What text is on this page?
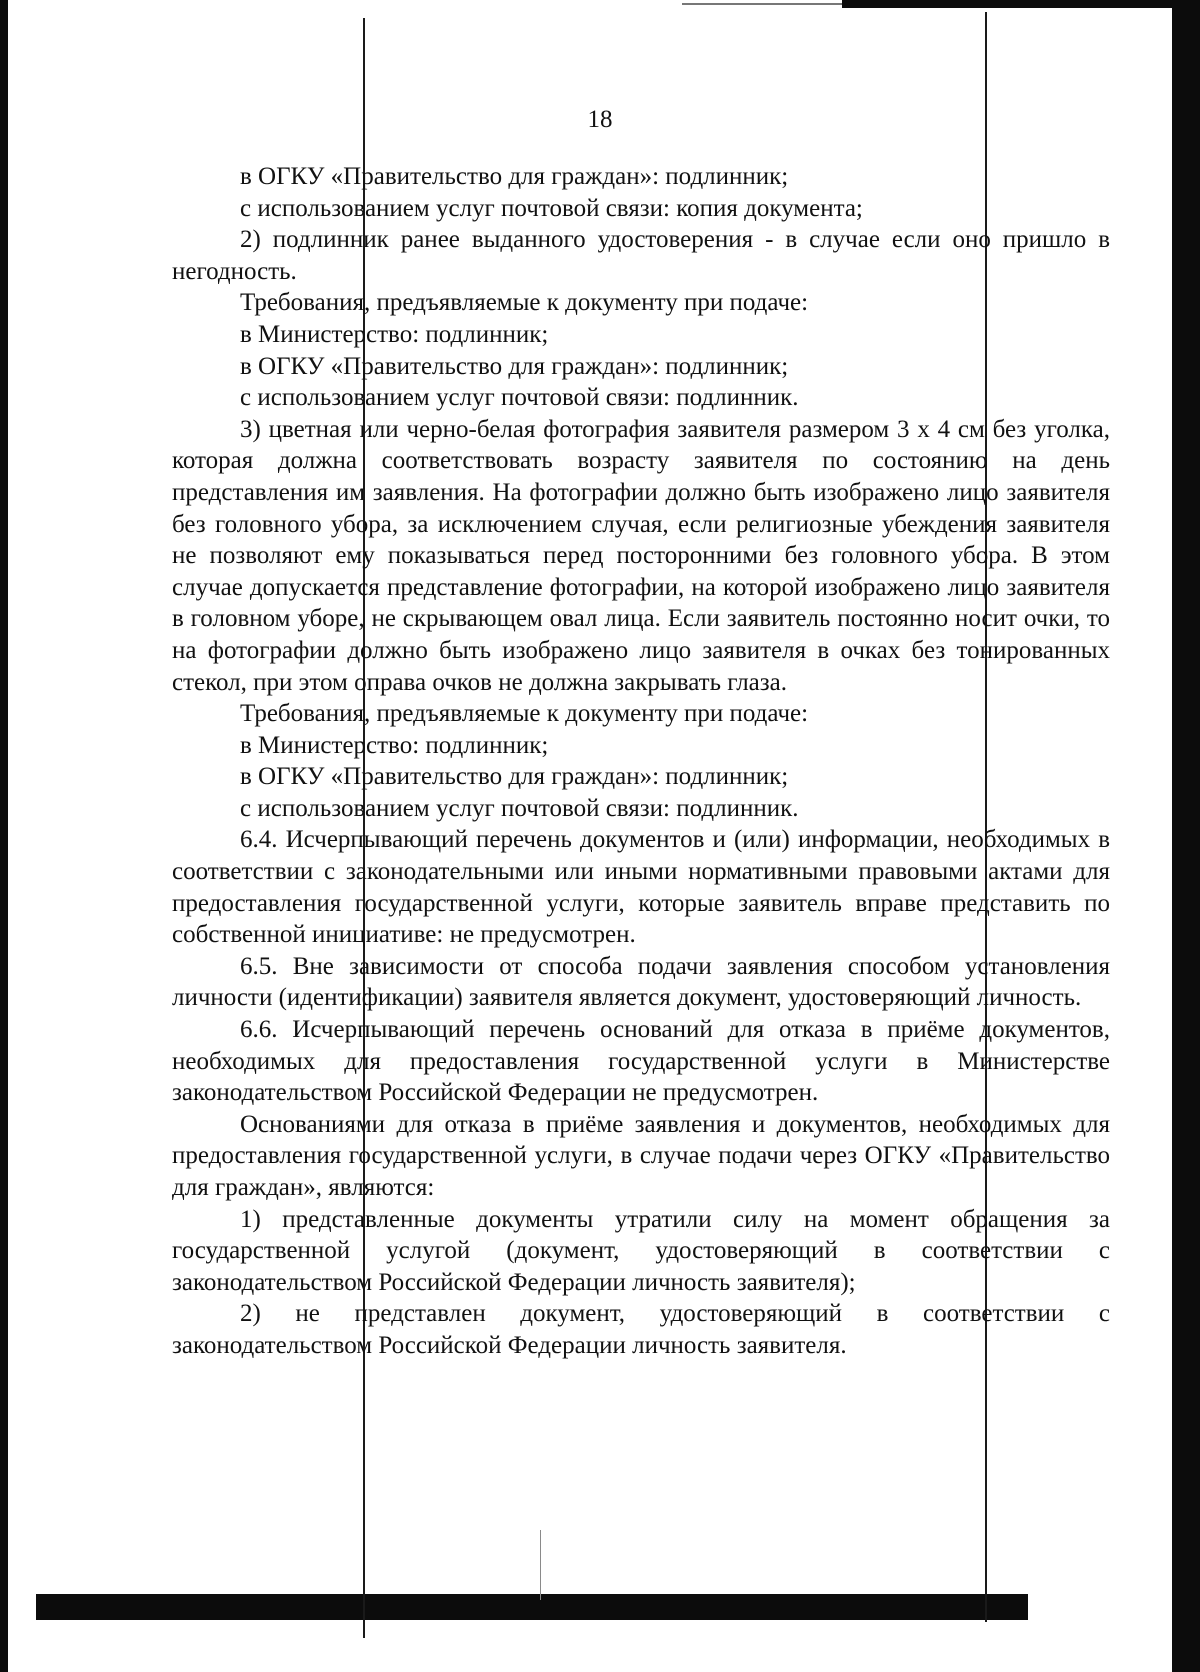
18

в ОГКУ «Правительство для граждан»: подлинник;

с использованием услуг почтовой связи: копия документа;

2) подлинник ранее выданного удостоверения - в случае если оно пришло в негодность.

Требования, предъявляемые к документу при подаче:

в Министерство: подлинник;

в ОГКУ «Правительство для граждан»: подлинник;

с использованием услуг почтовой связи: подлинник.

3) цветная или черно-белая фотография заявителя размером 3 x 4 см без уголка, которая должна соответствовать возрасту заявителя по состоянию на день представления им заявления. На фотографии должно быть изображено лицо заявителя без головного убора, за исключением случая, если религиозные убеждения заявителя не позволяют ему показываться перед посторонними без головного убора. В этом случае допускается представление фотографии, на которой изображено лицо заявителя в головном уборе, не скрывающем овал лица. Если заявитель постоянно носит очки, то на фотографии должно быть изображено лицо заявителя в очках без тонированных стекол, при этом оправа очков не должна закрывать глаза.

Требования, предъявляемые к документу при подаче:

в Министерство: подлинник;

в ОГКУ «Правительство для граждан»: подлинник;

с использованием услуг почтовой связи: подлинник.

6.4. Исчерпывающий перечень документов и (или) информации, необходимых в соответствии с законодательными или иными нормативными правовыми актами для предоставления государственной услуги, которые заявитель вправе представить по собственной инициативе: не предусмотрен.

6.5. Вне зависимости от способа подачи заявления способом установления личности (идентификации) заявителя является документ, удостоверяющий личность.

6.6. Исчерпывающий перечень оснований для отказа в приёме документов, необходимых для предоставления государственной услуги в Министерстве законодательством Российской Федерации не предусмотрен.

Основаниями для отказа в приёме заявления и документов, необходимых для предоставления государственной услуги, в случае подачи через ОГКУ «Правительство для граждан», являются:

1) представленные документы утратили силу на момент обращения за государственной услугой (документ, удостоверяющий в соответствии с законодательством Российской Федерации личность заявителя);

2) не представлен документ, удостоверяющий в соответствии с законодательством Российской Федерации личность заявителя.
